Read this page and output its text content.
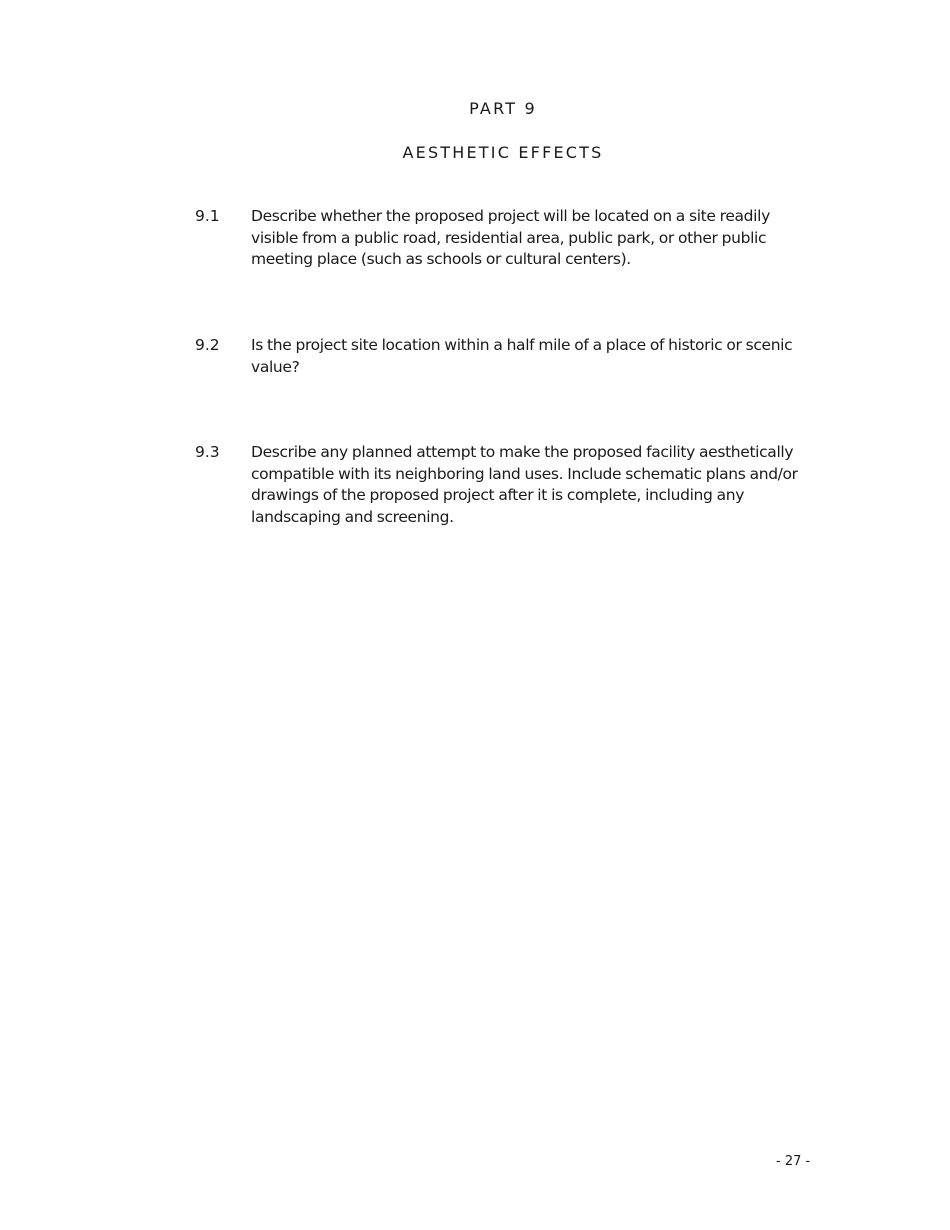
PART 9
AESTHETIC EFFECTS
9.1 Describe whether the proposed project will be located on a site readily visible from a public road, residential area, public park, or other public meeting place (such as schools or cultural centers).
9.2 Is the project site location within a half mile of a place of historic or scenic value?
9.3 Describe any planned attempt to make the proposed facility aesthetically compatible with its neighboring land uses. Include schematic plans and/or drawings of the proposed project after it is complete, including any landscaping and screening.
- 27 -
